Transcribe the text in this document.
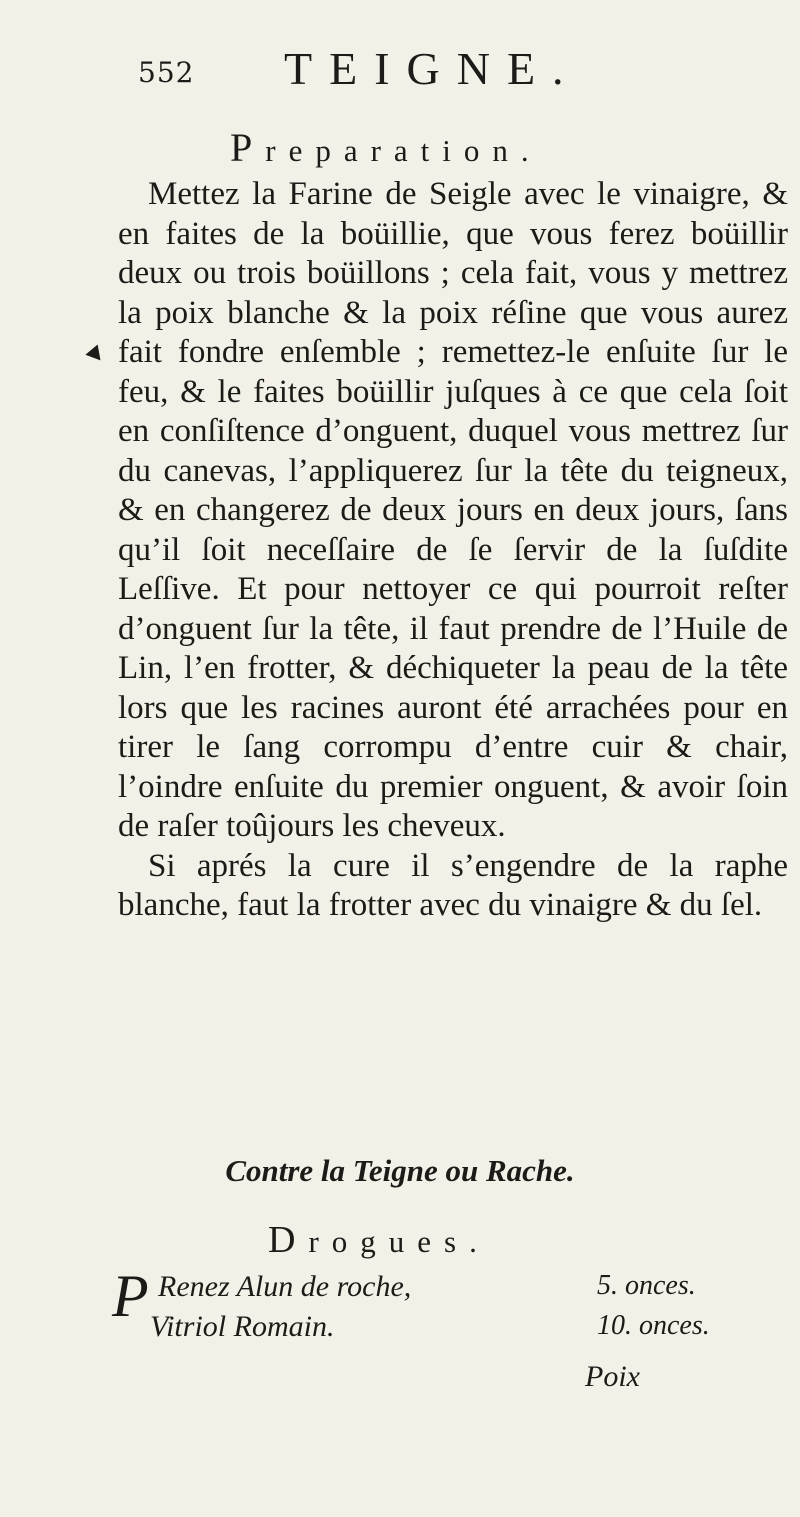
552 TEIGNE.
Preparation.

Mettez la Farine de Seigle avec le vinaigre, & en faites de la boüillie, que vous ferez boüillir deux ou trois boüillons ; cela fait, vous y mettrez la poix blanche & la poix réſine que vous aurez fait fondre enſemble ; remettez-le enſuite ſur le feu, & le faites boüillir juſques à ce que cela ſoit en conſiſtence d’onguent, duquel vous mettrez ſur du canevas, l’appliquerez ſur la tête du teigneux, & en changerez de deux jours en deux jours, ſans qu’il ſoit neceſſaire de ſe ſervir de la ſuſdite Leſſive. Et pour nettoyer ce qui pourroit reſter d’onguent ſur la tête, il faut prendre de l’Huile de Lin, l’en frotter, & déchiqueter la peau de la tête lors que les racines auront été arrachées pour en tirer le ſang corrompu d’entre cuir & chair, l’oindre enſuite du premier onguent, & avoir ſoin de raſer toûjours les cheveux.

Si aprés la cure il s’engendre de la raphe blanche, faut la frotter avec du vinaigre & du ſel.

Contre la Teigne ou Rache.
Drogues.
P Renez Alun de roche,	5. onces.
Vitriol Romain.	10. onces.
Poix
